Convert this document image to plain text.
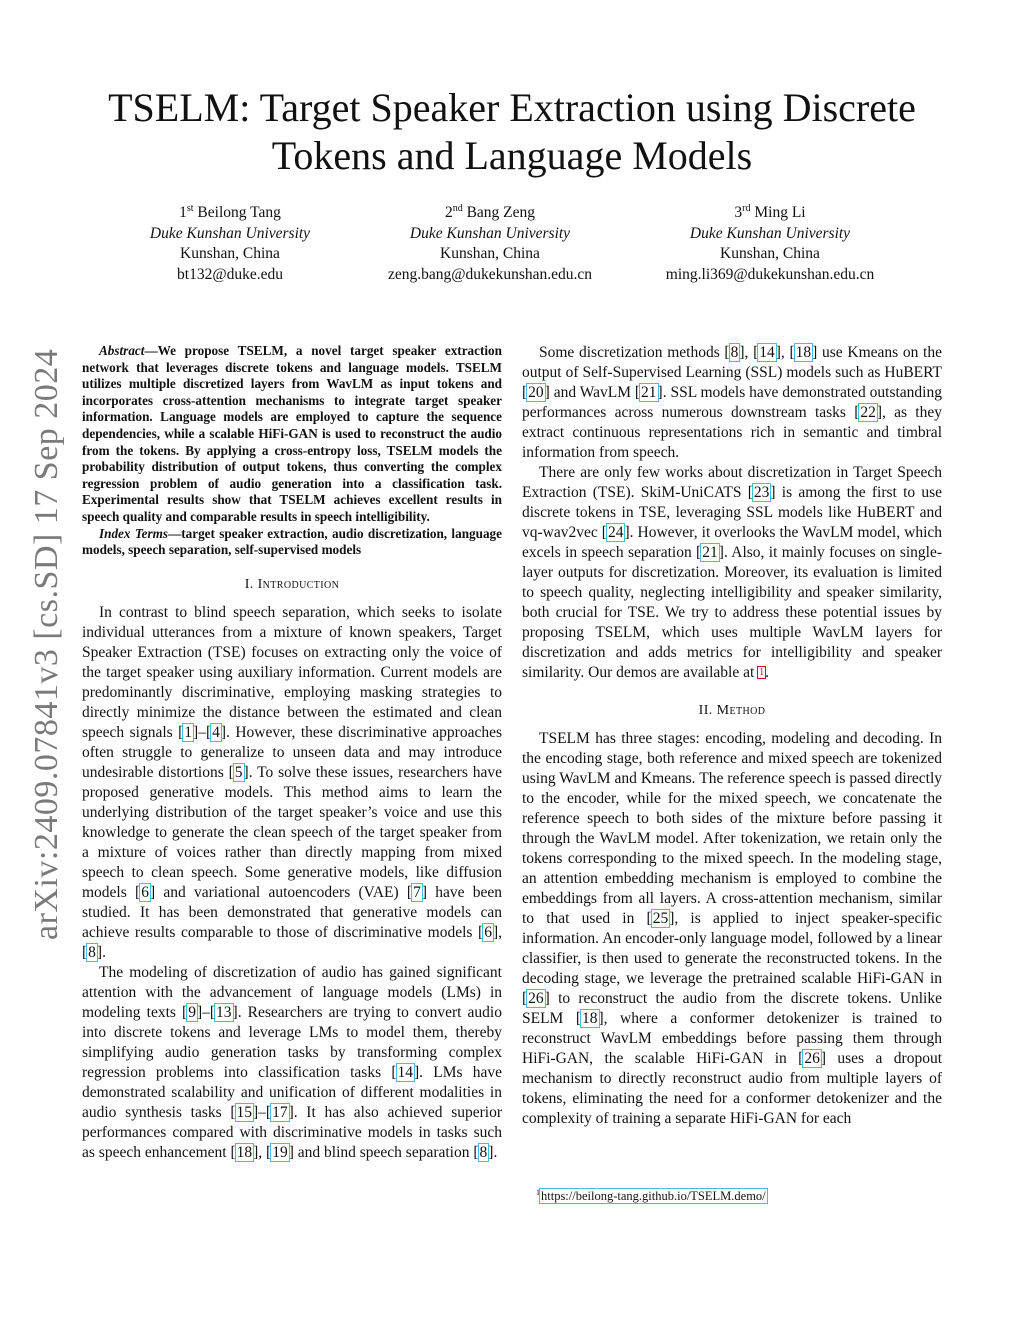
arXiv:2409.07841v3 [cs.SD] 17 Sep 2024
TSELM: Target Speaker Extraction using Discrete Tokens and Language Models
1st Beilong Tang
Duke Kunshan University
Kunshan, China
bt132@duke.edu
2nd Bang Zeng
Duke Kunshan University
Kunshan, China
zeng.bang@dukekunshan.edu.cn
3rd Ming Li
Duke Kunshan University
Kunshan, China
ming.li369@dukekunshan.edu.cn

Abstract—We propose TSELM, a novel target speaker extraction network that leverages discrete tokens and language models. TSELM utilizes multiple discretized layers from WavLM as input tokens and incorporates cross-attention mechanisms to integrate target speaker information. Language models are employed to capture the sequence dependencies, while a scalable HiFi-GAN is used to reconstruct the audio from the tokens. By applying a cross-entropy loss, TSELM models the probability distribution of output tokens, thus converting the complex regression problem of audio generation into a classification task. Experimental results show that TSELM achieves excellent results in speech quality and comparable results in speech intelligibility.

Index Terms—target speaker extraction, audio discretization, language models, speech separation, self-supervised models

I. Introduction

In contrast to blind speech separation, which seeks to isolate individual utterances from a mixture of known speakers, Target Speaker Extraction (TSE) focuses on extracting only the voice of the target speaker using auxiliary information. Current models are predominantly discriminative, employing masking strategies to directly minimize the distance between the estimated and clean speech signals [1]–[4]. However, these discriminative approaches often struggle to generalize to unseen data and may introduce undesirable distortions [5]. To solve these issues, researchers have proposed generative models. This method aims to learn the underlying distribution of the target speaker’s voice and use this knowledge to generate the clean speech of the target speaker from a mixture of voices rather than directly mapping from mixed speech to clean speech. Some generative models, like diffusion models [6] and variational autoencoders (VAE) [7] have been studied. It has been demonstrated that generative models can achieve results comparable to those of discriminative models [6], [8].

The modeling of discretization of audio has gained significant attention with the advancement of language models (LMs) in modeling texts [9]–[13]. Researchers are trying to convert audio into discrete tokens and leverage LMs to model them, thereby simplifying audio generation tasks by transforming complex regression problems into classification tasks [14]. LMs have demonstrated scalability and unification of different modalities in audio synthesis tasks [15]–[17]. It has also achieved superior performances compared with discriminative models in tasks such as speech enhancement [18], [19] and blind speech separation [8].

Some discretization methods [8], [14], [18] use Kmeans on the output of Self-Supervised Learning (SSL) models such as HuBERT [20] and WavLM [21]. SSL models have demonstrated outstanding performances across numerous downstream tasks [22], as they extract continuous representations rich in semantic and timbral information from speech.

There are only few works about discretization in Target Speech Extraction (TSE). SkiM-UniCATS [23] is among the first to use discrete tokens in TSE, leveraging SSL models like HuBERT and vq-wav2vec [24]. However, it overlooks the WavLM model, which excels in speech separation [21]. Also, it mainly focuses on single-layer outputs for discretization. Moreover, its evaluation is limited to speech quality, neglecting intelligibility and speaker similarity, both crucial for TSE. We try to address these potential issues by proposing TSELM, which uses multiple WavLM layers for discretization and adds metrics for intelligibility and speaker similarity. Our demos are available at $^1$.

II. Method

TSELM has three stages: encoding, modeling and decoding. In the encoding stage, both reference and mixed speech are tokenized using WavLM and Kmeans. The reference speech is passed directly to the encoder, while for the mixed speech, we concatenate the reference speech to both sides of the mixture before passing it through the WavLM model. After tokenization, we retain only the tokens corresponding to the mixed speech. In the modeling stage, an attention embedding mechanism is employed to combine the embeddings from all layers. A cross-attention mechanism, similar to that used in [25], is applied to inject speaker-specific information. An encoder-only language model, followed by a linear classifier, is then used to generate the reconstructed tokens. In the decoding stage, we leverage the pretrained scalable HiFi-GAN in [26] to reconstruct the audio from the discrete tokens. Unlike SELM [18], where a conformer detokenizer is trained to reconstruct WavLM embeddings before passing them through HiFi-GAN, the scalable HiFi-GAN in [26] uses a dropout mechanism to directly reconstruct audio from multiple layers of tokens, eliminating the need for a conformer detokenizer and the complexity of training a separate HiFi-GAN for each

$^1$https://beilong-tang.github.io/TSELM.demo/
